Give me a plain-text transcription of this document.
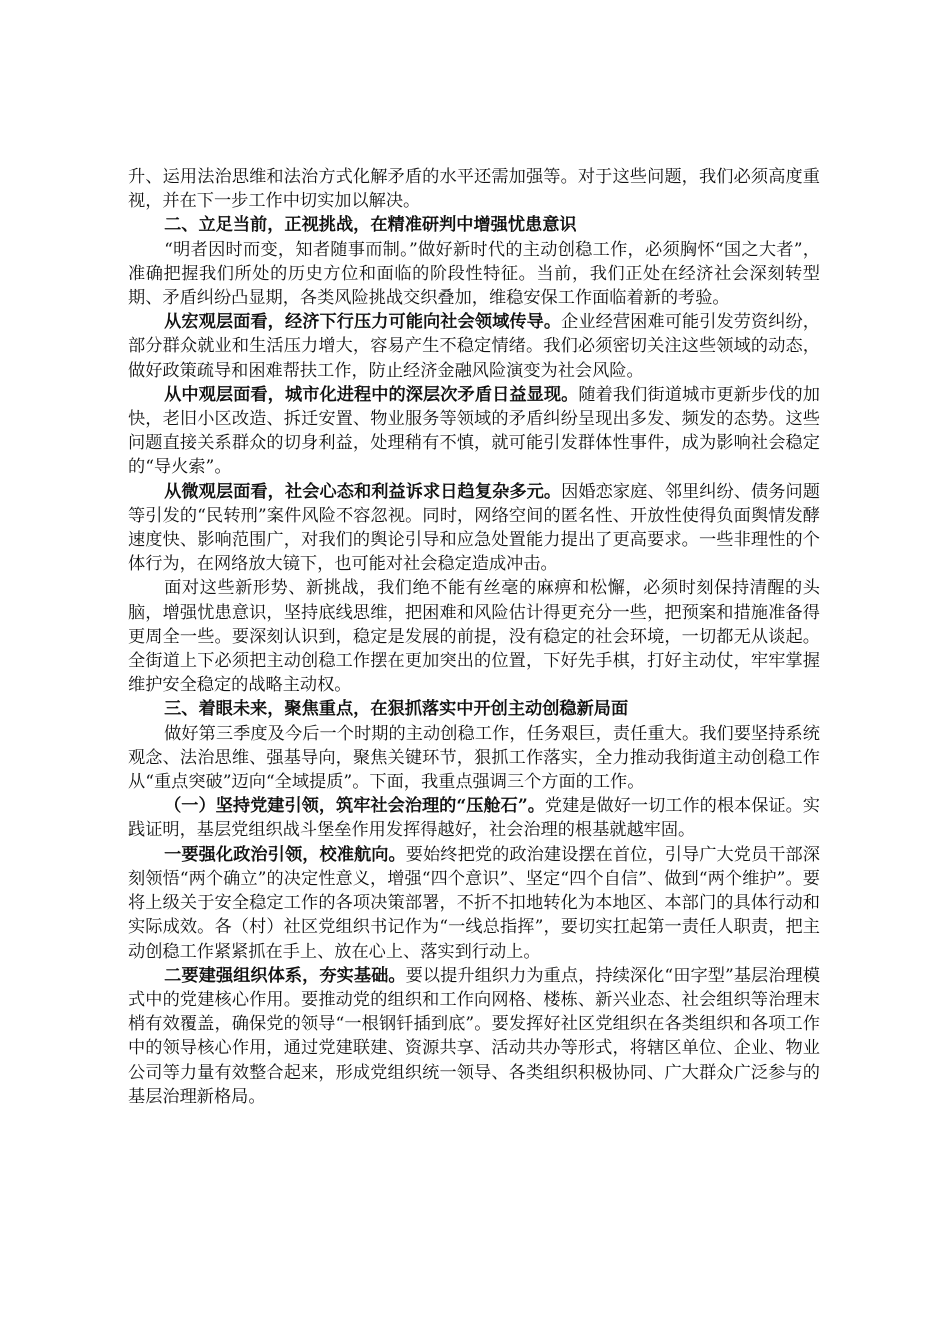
升、运用法治思维和法治方式化解矛盾的水平还需加强等。对于这些问题，我们必须高度重视，并在下一步工作中切实加以解决。

二、立足当前，正视挑战，在精准研判中增强忧患意识

“明者因时而变，知者随事而制。”做好新时代的主动创稳工作，必须胸怀“国之大者”，准确把握我们所处的历史方位和面临的阶段性特征。当前，我们正处在经济社会深刻转型期、矛盾纠纷凸显期，各类风险挑战交织叠加，维稳安保工作面临着新的考验。

从宏观层面看，经济下行压力可能向社会领域传导。企业经营困难可能引发劳资纠纷，部分群众就业和生活压力增大，容易产生不稳定情绪。我们必须密切关注这些领域的动态，做好政策疏导和困难帮扶工作，防止经济金融风险演变为社会风险。

从中观层面看，城市化进程中的深层次矛盾日益显现。随着我们街道城市更新步伐的加快，老旧小区改造、拆迁安置、物业服务等领域的矛盾纠纷呈现出多发、频发的态势。这些问题直接关系群众的切身利益，处理稍有不慎，就可能引发群体性事件，成为影响社会稳定的“导火索”。

从微观层面看，社会心态和利益诉求日趋复杂多元。因婚恋家庭、邻里纠纷、债务问题等引发的“民转刑”案件风险不容忽视。同时，网络空间的匿名性、开放性使得负面舆情发酵速度快、影响范围广，对我们的舆论引导和应急处置能力提出了更高要求。一些非理性的个体行为，在网络放大镜下，也可能对社会稳定造成冲击。

面对这些新形势、新挑战，我们绝不能有丝毫的麻痹和松懈，必须时刻保持清醒的头脑，增强忧患意识，坚持底线思维，把困难和风险估计得更充分一些，把预案和措施准备得更周全一些。要深刻认识到，稳定是发展的前提，没有稳定的社会环境，一切都无从谈起。全街道上下必须把主动创稳工作摆在更加突出的位置，下好先手棋，打好主动仗，牢牢掌握维护安全稳定的战略主动权。

三、着眼未来，聚焦重点，在狠抓落实中开创主动创稳新局面

做好第三季度及今后一个时期的主动创稳工作，任务艰巨，责任重大。我们要坚持系统观念、法治思维、强基导向，聚焦关键环节，狠抓工作落实，全力推动我街道主动创稳工作从“重点突破”迈向“全域提质”。下面，我重点强调三个方面的工作。

（一）坚持党建引领，筑牢社会治理的“压舱石”。党建是做好一切工作的根本保证。实践证明，基层党组织战斗堡垒作用发挥得越好，社会治理的根基就越牢固。

一要强化政治引领，校准航向。要始终把党的政治建设摆在首位，引导广大党员干部深刻领悟“两个确立”的决定性意义，增强“四个意识”、坚定“四个自信”、做到“两个维护”。要将上级关于安全稳定工作的各项决策部署，不折不扣地转化为本地区、本部门的具体行动和实际成效。各（村）社区党组织书记作为“一线总指挥”，要切实扛起第一责任人职责，把主动创稳工作紧紧抓在手上、放在心上、落实到行动上。

二要建强组织体系，夯实基础。要以提升组织力为重点，持续深化“田字型”基层治理模式中的党建核心作用。要推动党的组织和工作向网格、楼栋、新兴业态、社会组织等治理末梢有效覆盖，确保党的领导“一根钢钎插到底”。要发挥好社区党组织在各类组织和各项工作中的领导核心作用，通过党建联建、资源共享、活动共办等形式，将辖区单位、企业、物业公司等力量有效整合起来，形成党组织统一领导、各类组织积极协同、广大群众广泛参与的基层治理新格局。
